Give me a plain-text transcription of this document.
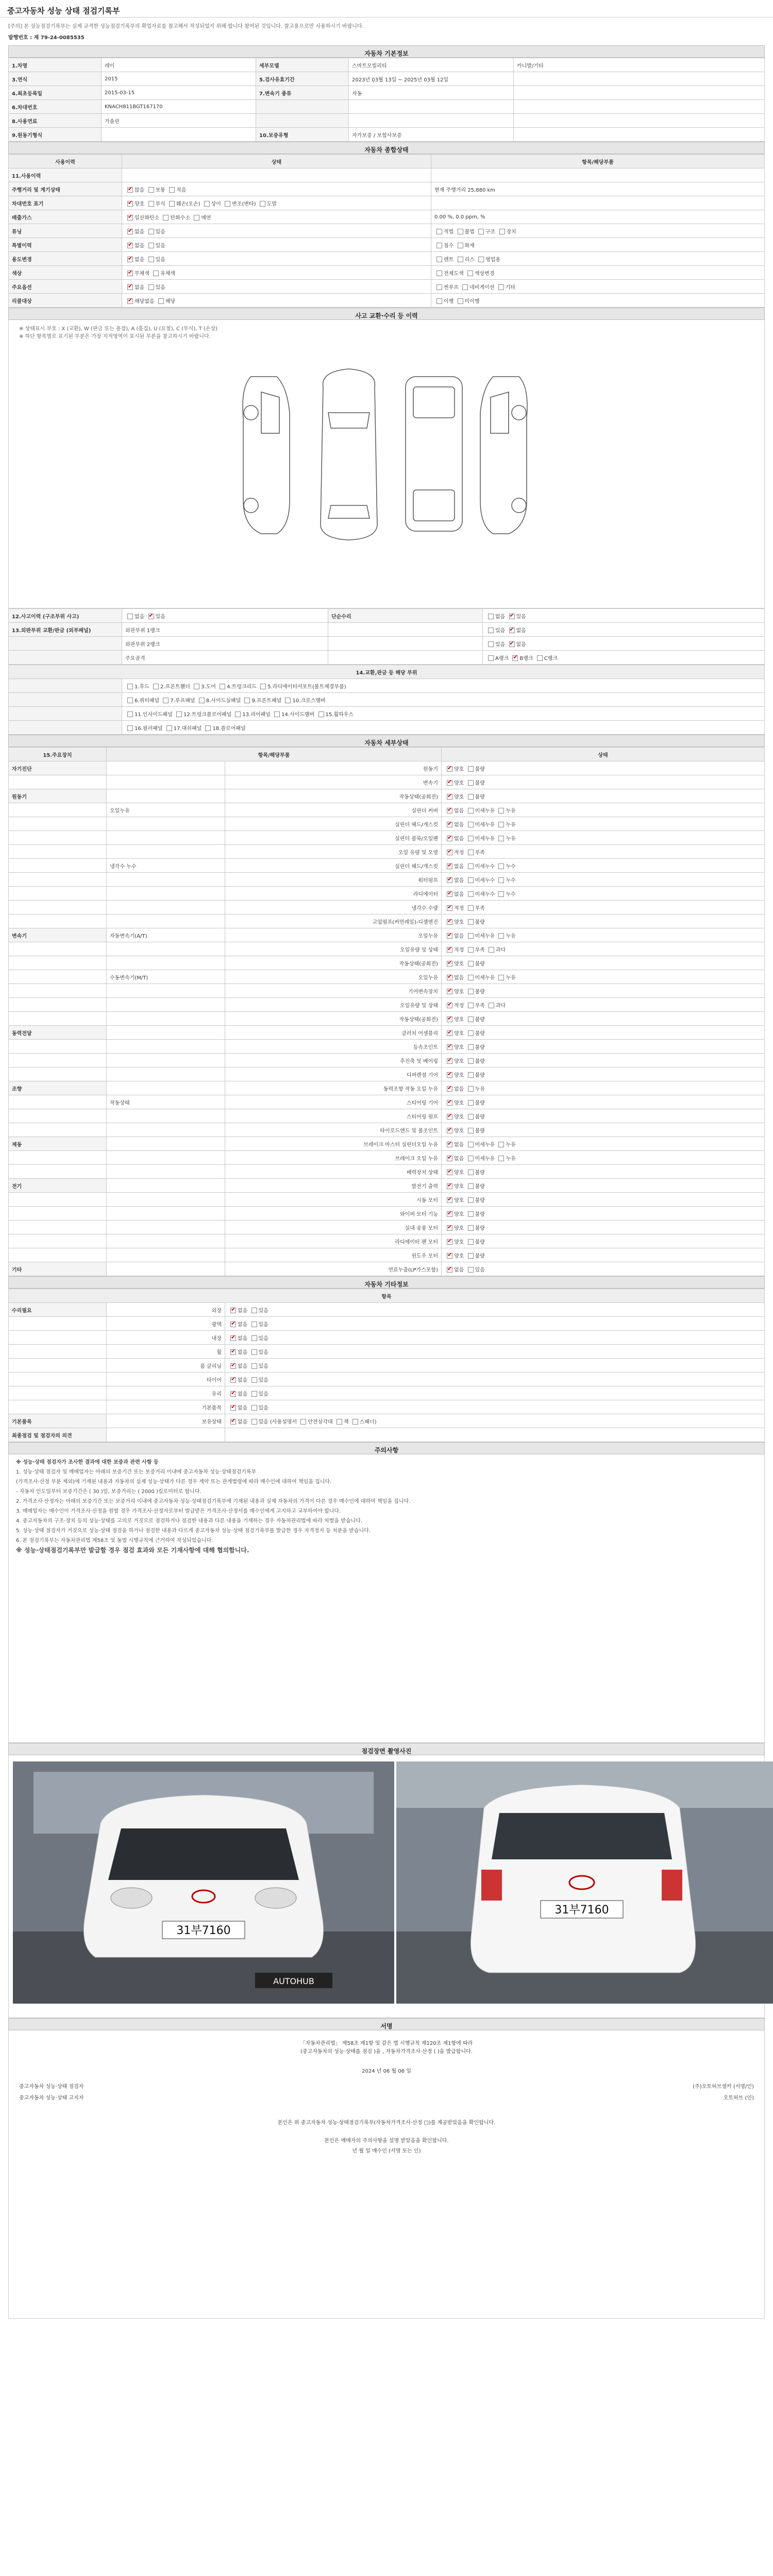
중고자동차 성능 상태 점검기록부
[주의] 본 성능점검기록부는 실제 규격한 성능점검기록부의 확업자료를 참고해서 작성되었지 위해 합니다 참여된 것입니다. 참고용으로만 사용하시기 바랍니다.
발행번호 : 제 79-24-0085535
자동차 기본정보
1.차명	레이	세부모델	스마트모빌리티	카니발/기타
3.연식	2015	5.검사유효기간	2023년 03월 13일 ~ 2025년 03월 12일	
4.최초등록일	2015-03-15	7.변속기 종류	자동	
6.차대번호	KNACH811BGT167170			
8.사용연료	가솔린			
9.원동기형식		10.보증유형	자가보증 / 보험사보증	
자동차 종합상태
사용이력	상태	항목/해당부품
11.사용이력		
주행거리 및 계기상태	✔많음 보통 적음	현재 주행거리 25,880 km
차대번호 표기	✔양호 부식 훼손(오손) 상이 변조(변타) 도말	
배출가스	✔일산화탄소 탄화수소 매연	0.00 %, 0.0 ppm, %
튜닝	✔없음 있음	적법 불법 구조 장치
특별이력	✔없음 있음	침수 화재
용도변경	✔없음 있음	렌트 리스 영업용
색상	✔무채색 유채색	전체도색 색상변경
주요옵션	✔없음 있음	썬루프 네비게이션 기타
리콜대상	✔해당없음 해당	이행 미이행
사고 교환·수리 등 이력
※ 상태표시 부호 : X (교환), W (판금 또는 용접), A (흠집), U (요철), C (부식), T (손상)
※ 하단 항목별로 표기된 부분은 가장 지적영역이 표시된 부분을 참고하시기 바랍니다.
12.사고이력 (구조부위 사고)	없음 ✔있음	단순수리	없음 ✔있음
13.외판부위 교환/판금 (외부패널)	외판부위 1랭크		있음 ✔없음
	외판부위 2랭크		있음 ✔없음
	주요골격		A랭크 ✔B랭크 C랭크
14.교환,판금 등 해당 부위	
	1.후드 2.프론트휀더 3.도어 4.트렁크리드 5.라디에이터서포트(볼트체결부품)
	6.쿼터패널 7.루프패널 8.사이드실패널 9.프론트패널 10.크로스멤버
	11.인사이드패널 12.트렁크플로어패널 13.리어패널 14.사이드멤버 15.휠하우스
	16.필러패널 17.대쉬패널 18.플로어패널
자동차 세부상태
15.주요장치	항목/해당부품		상태
자기진단		원동기	✔양호 불량
		변속기	✔양호 불량
원동기		작동상태(공회전)	✔양호 불량
	오일누유	실린더 커버	✔없음 미세누유 누유
		실린더 헤드/개스킷	✔없음 미세누유 누유
		실린더 블록/오일팬	✔없음 미세누유 누유
		오일 유량 및 오염	✔적정 부족
	냉각수 누수	실린더 헤드/개스킷	✔없음 미세누수 누수
		워터펌프	✔없음 미세누수 누수
		라디에이터	✔없음 미세누수 누수
		냉각수 수량	✔적정 부족
		고압펌프(커먼레일)-디젤엔진	✔양호 불량
변속기	자동변속기(A/T)	오일누유	✔없음 미세누유 누유
		오일유량 및 상태	✔적정 부족 과다
		작동상태(공회전)	✔양호 불량
	수동변속기(M/T)	오일누유	✔없음 미세누유 누유
		기어변속장치	✔양호 불량
		오일유량 및 상태	✔적정 부족 과다
		작동상태(공회전)	✔양호 불량
동력전달		클러치 어셈블리	✔양호 불량
		등속조인트	✔양호 불량
		추진축 및 베어링	✔양호 불량
		디퍼렌셜 기어	✔양호 불량
조향		동력조향 작동 오일 누유	✔없음 누유
	작동상태	스티어링 기어	✔양호 불량
		스티어링 펌프	✔양호 불량
		타이로드엔드 및 볼조인트	✔양호 불량
제동		브레이크 마스터 실린더오일 누유	✔없음 미세누유 누유
		브레이크 오일 누유	✔없음 미세누유 누유
		배력장치 상태	✔양호 불량
전기		발전기 출력	✔양호 불량
		시동 모터	✔양호 불량
		와이퍼 모터 기능	✔양호 불량
		실내 송풍 모터	✔양호 불량
		라디에이터 팬 모터	✔양호 불량
		윈도우 모터	✔양호 불량
기타		연료누출(LP가스포함)	✔없음 있음
자동차 기타정보
항목		
수리필요	외장	✔없음 있음
	광택	✔없음 있음
	내장	✔없음 있음
	휠	✔없음 있음
	룸 클리닝	✔없음 있음
	타이어	✔없음 있음
	유리	✔없음 있음
	기본품목	✔없음 있음
기본품목	보유상태	✔없음 있음 (사용설명서 안전삼각대 잭 스패너)
최종점검 및 점검자의 의견		
주의사항

※ 성능·상태 점검자가 조사한 결과에 대한 보증과 관련 사항 등

1. 성능·상태 점검자 및 매매업자는 아래의 보증기간 또는 보증거리 이내에 중고자동차 성능·상태점검기록부

(가격조사·산정 부분 제외)에 기재된 내용과 자동차의 실제 성능·상태가 다른 경우 계약 또는 관계법령에 따라 매수인에 대하여 책임을 집니다.

- 자동차 인도일부터 보증기간은 ( 30 )일, 보증거리는 ( 2000 )킬로미터로 합니다.

2. 가격조사·산정자는 아래의 보증기간 또는 보증거리 이내에 중고자동차 성능·상태점검기록부에 기재된 내용과 실제 자동차의 가격이 다른 경우 매수인에 대하여 책임을 집니다.

3. 매매업자는 매수인이 가격조사·산정을 원할 경우 가격조사·산정자로부터 발급받은 가격조사·산정서를 매수인에게 고지하고 교부하여야 합니다.

4. 중고자동차의 구조·장치 등의 성능·상태를 고의로 거짓으로 점검하거나 점검한 내용과 다른 내용을 기재하는 경우 자동차관리법에 따라 처벌을 받습니다.

5. 성능·상태 점검자가 거짓으로 성능·상태 점검을 하거나 점검한 내용과 다르게 중고자동차 성능·상태 점검기록부를 발급한 경우 자격정지 등 처분을 받습니다.

6. 본 점검기록부는 자동차관리법 제58조 및 동법 시행규칙에 근거하여 작성되었습니다.

※ 성능·상태점검기록부만 발급할 경우 점검 효과와 모든 기재사항에 대해 협의합니다.

점검장면 촬영사진
31부7160
AUTOHUB
31부7160
서명
「자동차관리법」 제58조 제1항 및 같은 법 시행규칙 제120조 제1항에 따라
(중고자동차의 성능·상태를 점검 )을 , 자동차가격조사·산정 ( )을 발급합니다.
2024 년 06 월 06 일
중고자동차 성능·상태 점검자	(주)오토허브셀카 (서명/인)
중고자동차 성능·상태 고지자	오토허브 (인)
본인은 위 중고자동차 성능·상태점검기록부(자동차가격조사·산정 □)를 제공받았음을 확인합니다.
본인은 매매자의 주의사항을 설명 받았음을 확인합니다.
년 월 일 매수인 (서명 또는 인)
